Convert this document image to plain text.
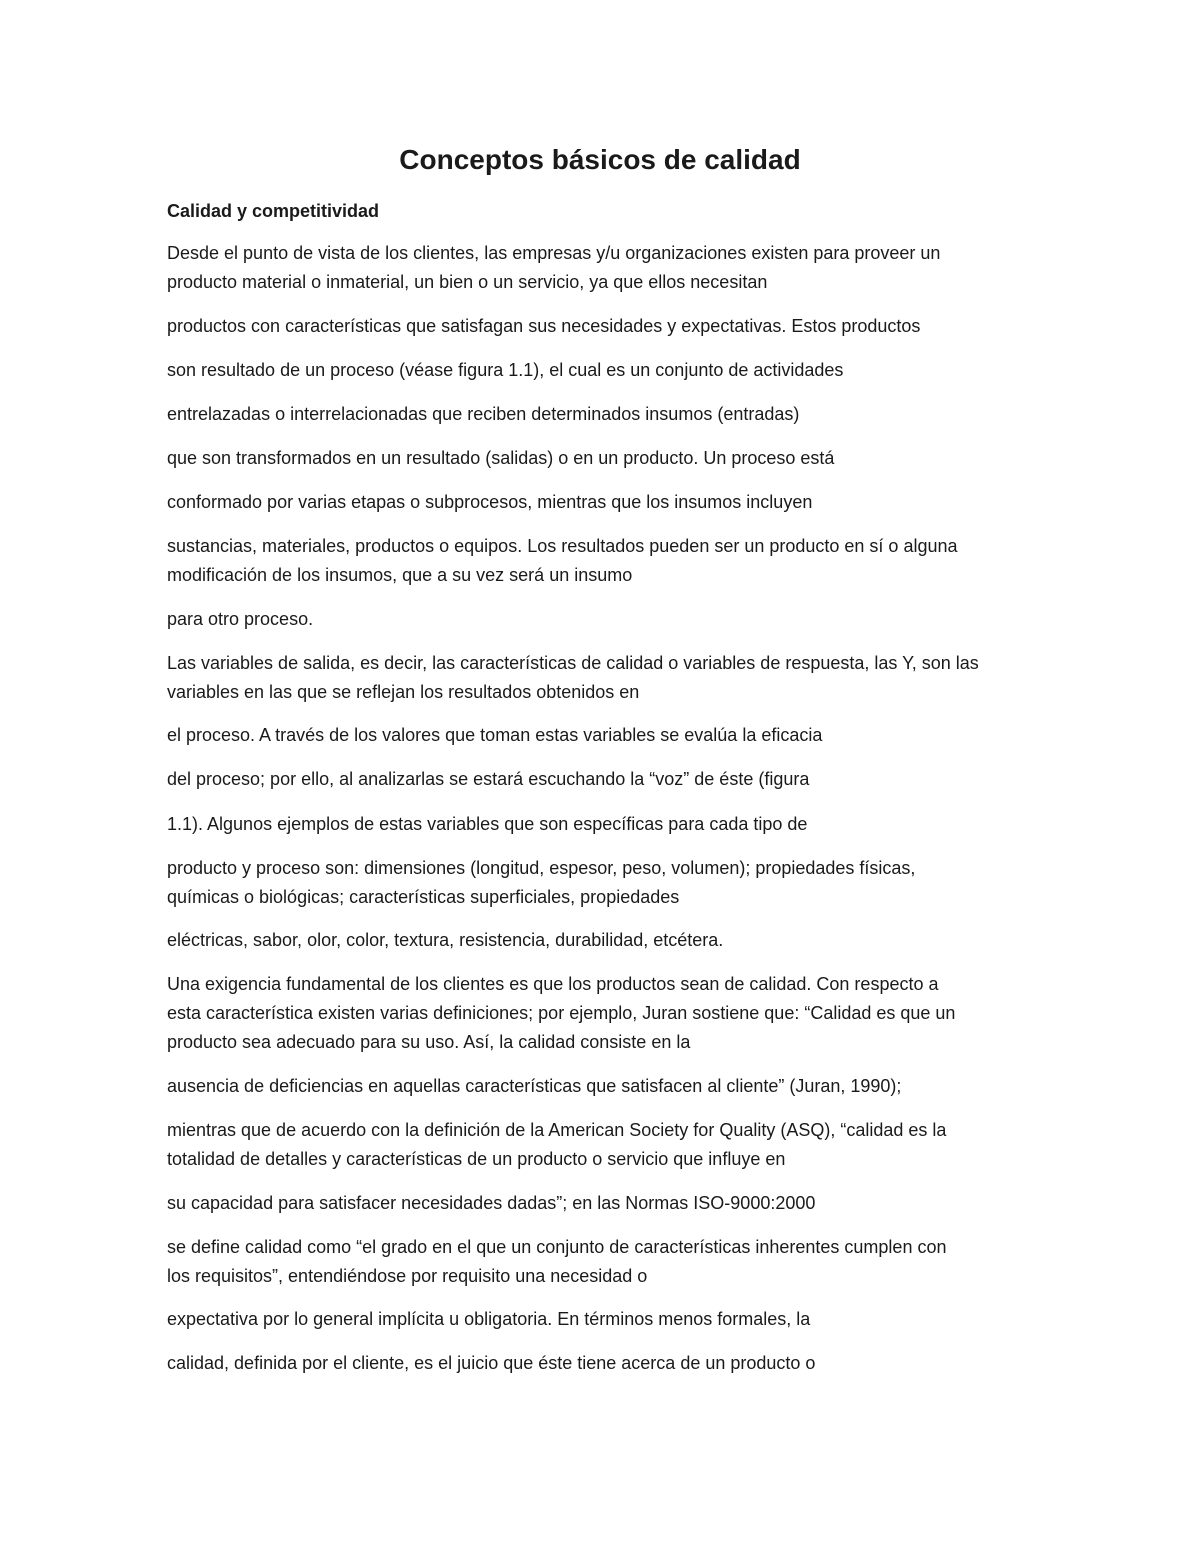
Conceptos básicos de calidad
Calidad y competitividad

Desde el punto de vista de los clientes, las empresas y/u organizaciones existen para proveer un
producto material o inmaterial, un bien o un servicio, ya que ellos necesitan

productos con características que satisfagan sus necesidades y expectativas. Estos productos

son resultado de un proceso (véase figura 1.1), el cual es un conjunto de actividades

entrelazadas o interrelacionadas que reciben determinados insumos (entradas)

que son transformados en un resultado (salidas) o en un producto. Un proceso está

conformado por varias etapas o subprocesos, mientras que los insumos incluyen

sustancias, materiales, productos o equipos. Los resultados pueden ser un producto en sí o alguna
modificación de los insumos, que a su vez será un insumo

para otro proceso.

Las variables de salida, es decir, las características de calidad o variables de respuesta, las Y, son las
variables en las que se reflejan los resultados obtenidos en

el proceso. A través de los valores que toman estas variables se evalúa la eficacia

del proceso; por ello, al analizarlas se estará escuchando la “voz” de éste (figura

1.1). Algunos ejemplos de estas variables que son específicas para cada tipo de

producto y proceso son: dimensiones (longitud, espesor, peso, volumen); propiedades físicas,
químicas o biológicas; características superficiales, propiedades

eléctricas, sabor, olor, color, textura, resistencia, durabilidad, etcétera.

Una exigencia fundamental de los clientes es que los productos sean de calidad. Con respecto a
esta característica existen varias definiciones; por ejemplo, Juran sostiene que: “Calidad es que un
producto sea adecuado para su uso. Así, la calidad consiste en la

ausencia de deficiencias en aquellas características que satisfacen al cliente” (Juran, 1990);

mientras que de acuerdo con la definición de la American Society for Quality (ASQ), “calidad es la
totalidad de detalles y características de un producto o servicio que influye en

su capacidad para satisfacer necesidades dadas”; en las Normas ISO-9000:2000

se define calidad como “el grado en el que un conjunto de características inherentes cumplen con
los requisitos”, entendiéndose por requisito una necesidad o

expectativa por lo general implícita u obligatoria. En términos menos formales, la

calidad, definida por el cliente, es el juicio que éste tiene acerca de un producto o
